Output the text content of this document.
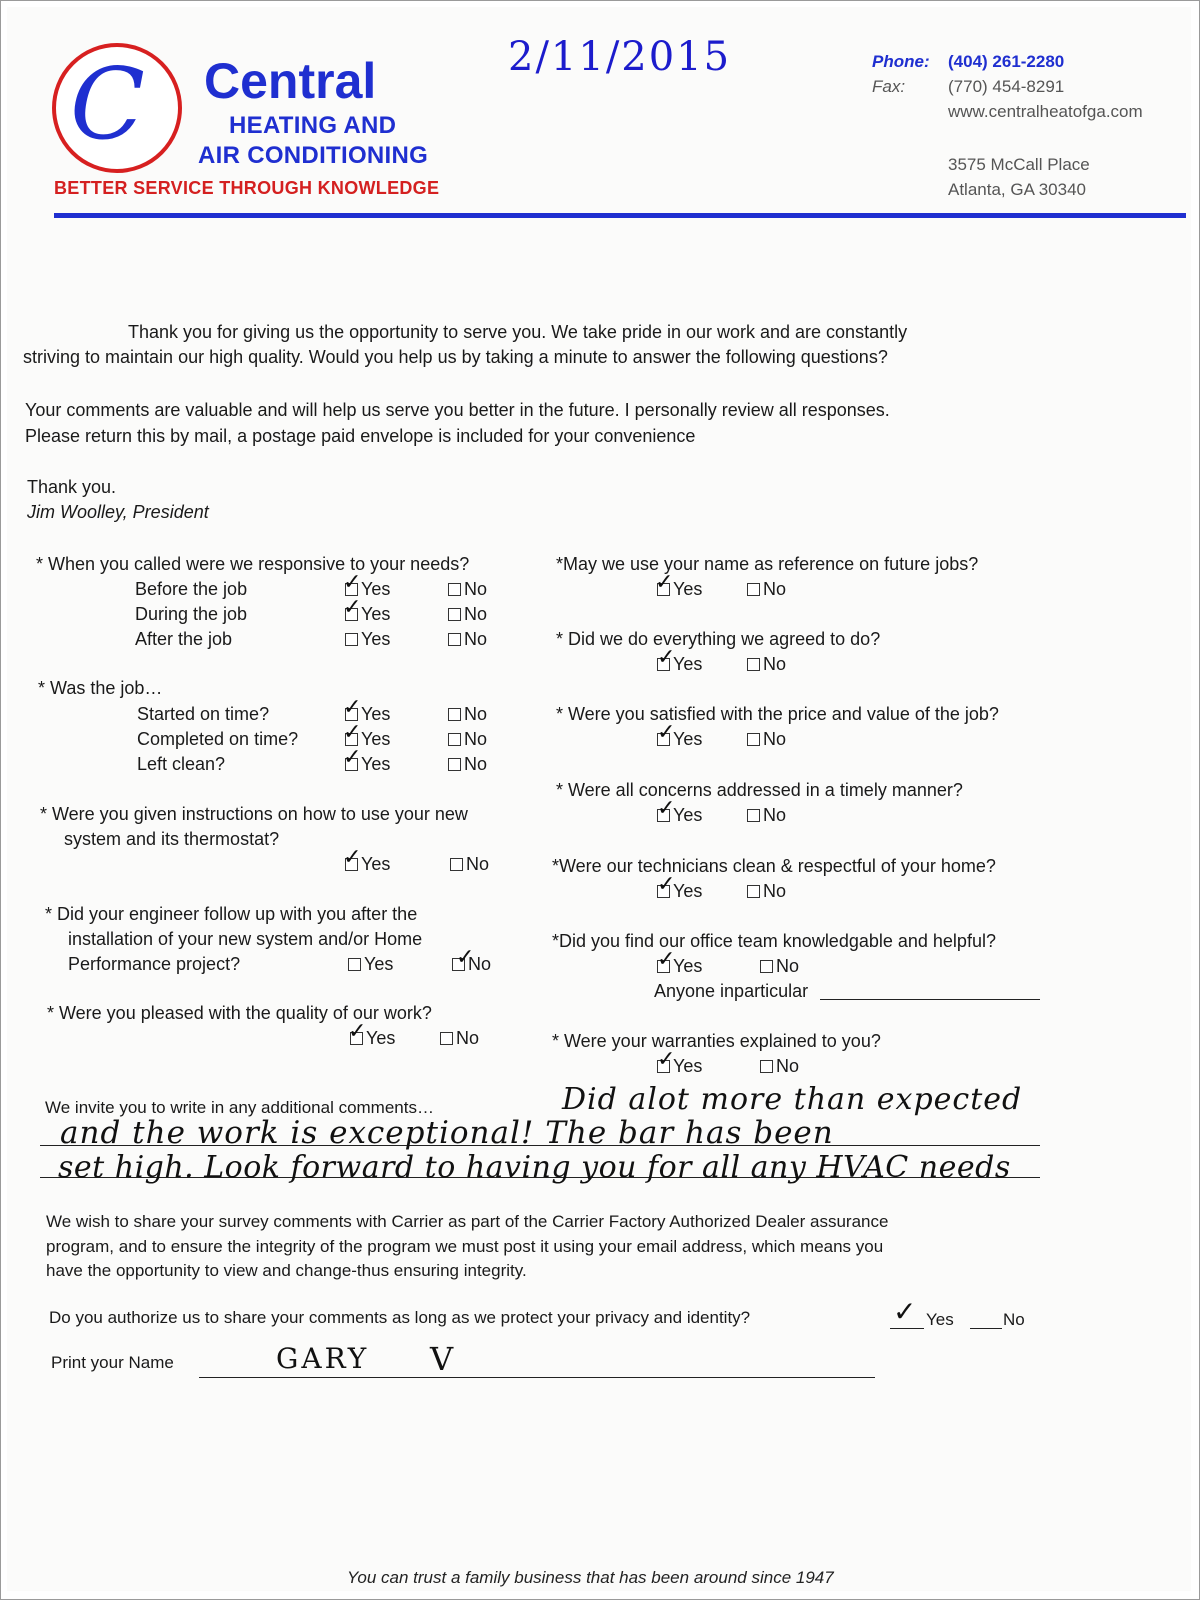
C Central
HEATING AND
AIR CONDITIONING
BETTER SERVICE THROUGH KNOWLEDGE
2/11/2015	Phone: (404) 261-2280
Fax:	(770) 454-8291
www.centralheatofga.com
3575 McCall Place
Atlanta, GA 30340
Thank you for giving us the opportunity to serve you. We take pride in our work and are constantly
striving to maintain our high quality. Would you help us by taking a minute to answer the following questions?
Your comments are valuable and will help us serve you better in the future. I personally review all responses.
Please return this by mail, a postage paid envelope is included for your convenience
Thank you.
Jim Woolley, President
* When you called were we responsive to your needs?
Before the job	Yes	No
During the job	Yes	No
After the job	Yes	No
* Was the job…
Started on time?	Yes	No
Completed on time?	Yes	No
Left clean?	Yes	No
* Were you given instructions on how to use your new
system and its thermostat?
Yes	No
* Did your engineer follow up with you after the
installation of your new system and/or Home
Performance project?	Yes	No
* Were you pleased with the quality of our work?
Yes	No
*May we use your name as reference on future jobs?
Yes	No
* Did we do everything we agreed to do?
Yes	No
* Were you satisfied with the price and value of the job?
Yes	No
* Were all concerns addressed in a timely manner?
Yes	No
*Were our technicians clean & respectful of your home?
Yes	No
*Did you find our office team knowledgable and helpful?
Yes	No
Anyone inparticular
* Were your warranties explained to you?
Yes	No
✓
✓
✓
✓
✓
✓
✓
✓
✓
✓
✓
✓
✓
✓
✓
We invite you to write in any additional comments…	Did alot more than expected
and the work is exceptional! The bar has been
set high. Look forward to having you for all any HVAC needs
We wish to share your survey comments with Carrier as part of the Carrier Factory Authorized Dealer assurance
program, and to ensure the integrity of the program we must post it using your email address, which means you
have the opportunity to view and change-thus ensuring integrity.
Do you authorize us to share your comments as long as we protect your privacy and identity?	✓ Yes	No
Print your Name	GARY V
You can trust a family business that has been around since 1947
